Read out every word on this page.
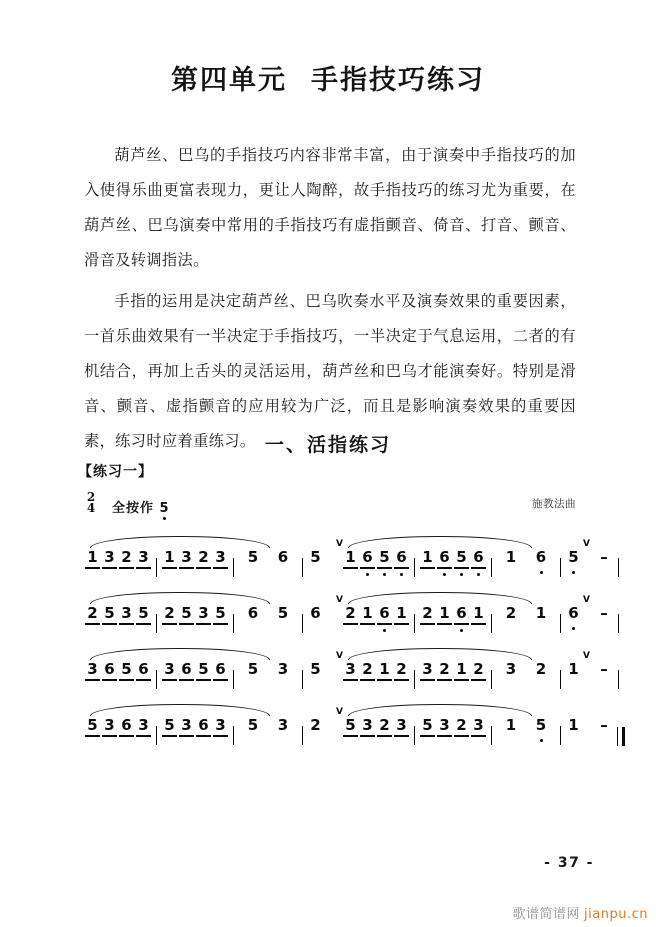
第四单元 手指技巧练习

葫芦丝、巴乌的手指技巧内容非常丰富，由于演奏中手指技巧的加入使得乐曲更富表现力，更让人陶醉，故手指技巧的练习尤为重要，在葫芦丝、巴乌演奏中常用的手指技巧有虚指颤音、倚音、打音、颤音、滑音及转调指法。

手指的运用是决定葫芦丝、巴乌吹奏水平及演奏效果的重要因素，一首乐曲效果有一半决定于手指技巧，一半决定于气息运用，二者的有机结合，再加上舌头的灵活运用，葫芦丝和巴乌才能演奏好。特别是滑音、颤音、虚指颤音的应用较为广泛，而且是影响演奏效果的重要因素，练习时应着重练习。 一、活指练习
【练习一】
2
4 全按作 5	施教法曲
1 3 2 3 1 3 2 3 5 6 5 1 6 5 6 1 6 5 6 1 6 5 –
V	V
2 5 3 5 2 5 3 5 6 5 6 2 1 6 1 2 1 6 1 2 1 6 –
V	V
3 6 5 6 3 6 5 6 5 3 5 3 2 1 2 3 2 1 2 3 2 1 –
V	V
5 3 6 3 5 3 6 3 5 3 2 5 3 2 3 5 3 2 3 1 5 1 –
V
- 37 -
歌谱简谱网 jianpu.cn
